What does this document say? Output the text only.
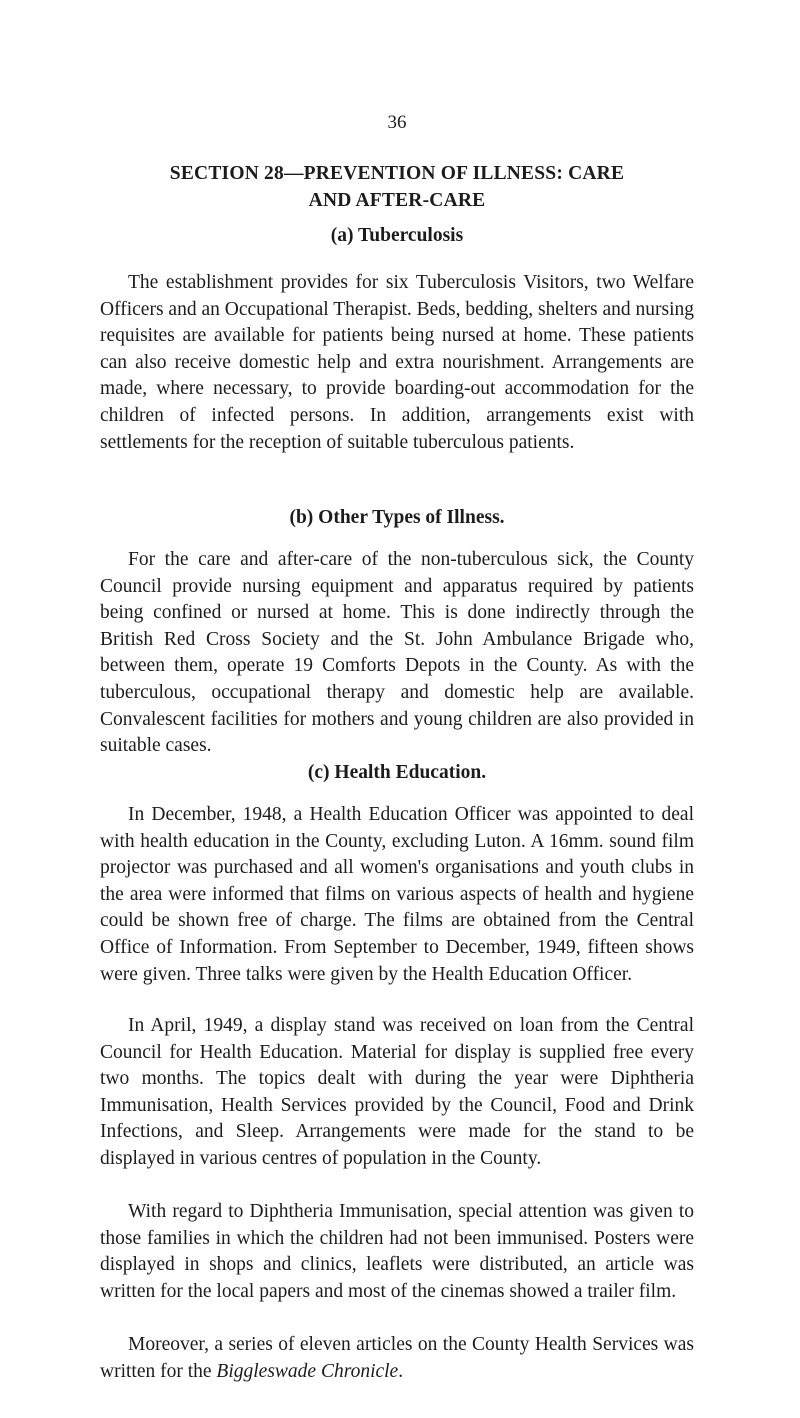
36
SECTION 28—PREVENTION OF ILLNESS: CARE
AND AFTER-CARE
(a) Tuberculosis

The establishment provides for six Tuberculosis Visitors, two Welfare Officers and an Occupational Therapist. Beds, bedding, shelters and nursing requisites are available for patients being nursed at home. These patients can also receive domestic help and extra nourishment. Arrangements are made, where necessary, to provide boarding-out accommodation for the children of infected persons. In addition, arrangements exist with settlements for the reception of suitable tuberculous patients.

(b) Other Types of Illness.

For the care and after-care of the non-tuberculous sick, the County Council provide nursing equipment and apparatus required by patients being confined or nursed at home. This is done indirectly through the British Red Cross Society and the St. John Ambulance Brigade who, between them, operate 19 Comforts Depots in the County. As with the tuberculous, occupational therapy and domestic help are available. Convalescent facilities for mothers and young children are also provided in suitable cases.

(c) Health Education.

In December, 1948, a Health Education Officer was appointed to deal with health education in the County, excluding Luton. A 16mm. sound film projector was purchased and all women's organisations and youth clubs in the area were informed that films on various aspects of health and hygiene could be shown free of charge. The films are obtained from the Central Office of Information. From September to December, 1949, fifteen shows were given. Three talks were given by the Health Education Officer.

In April, 1949, a display stand was received on loan from the Central Council for Health Education. Material for display is supplied free every two months. The topics dealt with during the year were Diphtheria Immunisation, Health Services provided by the Council, Food and Drink Infections, and Sleep. Arrangements were made for the stand to be displayed in various centres of population in the County.

With regard to Diphtheria Immunisation, special attention was given to those families in which the children had not been immunised. Posters were displayed in shops and clinics, leaflets were distributed, an article was written for the local papers and most of the cinemas showed a trailer film.

Moreover, a series of eleven articles on the County Health Services was written for the Biggleswade Chronicle.
